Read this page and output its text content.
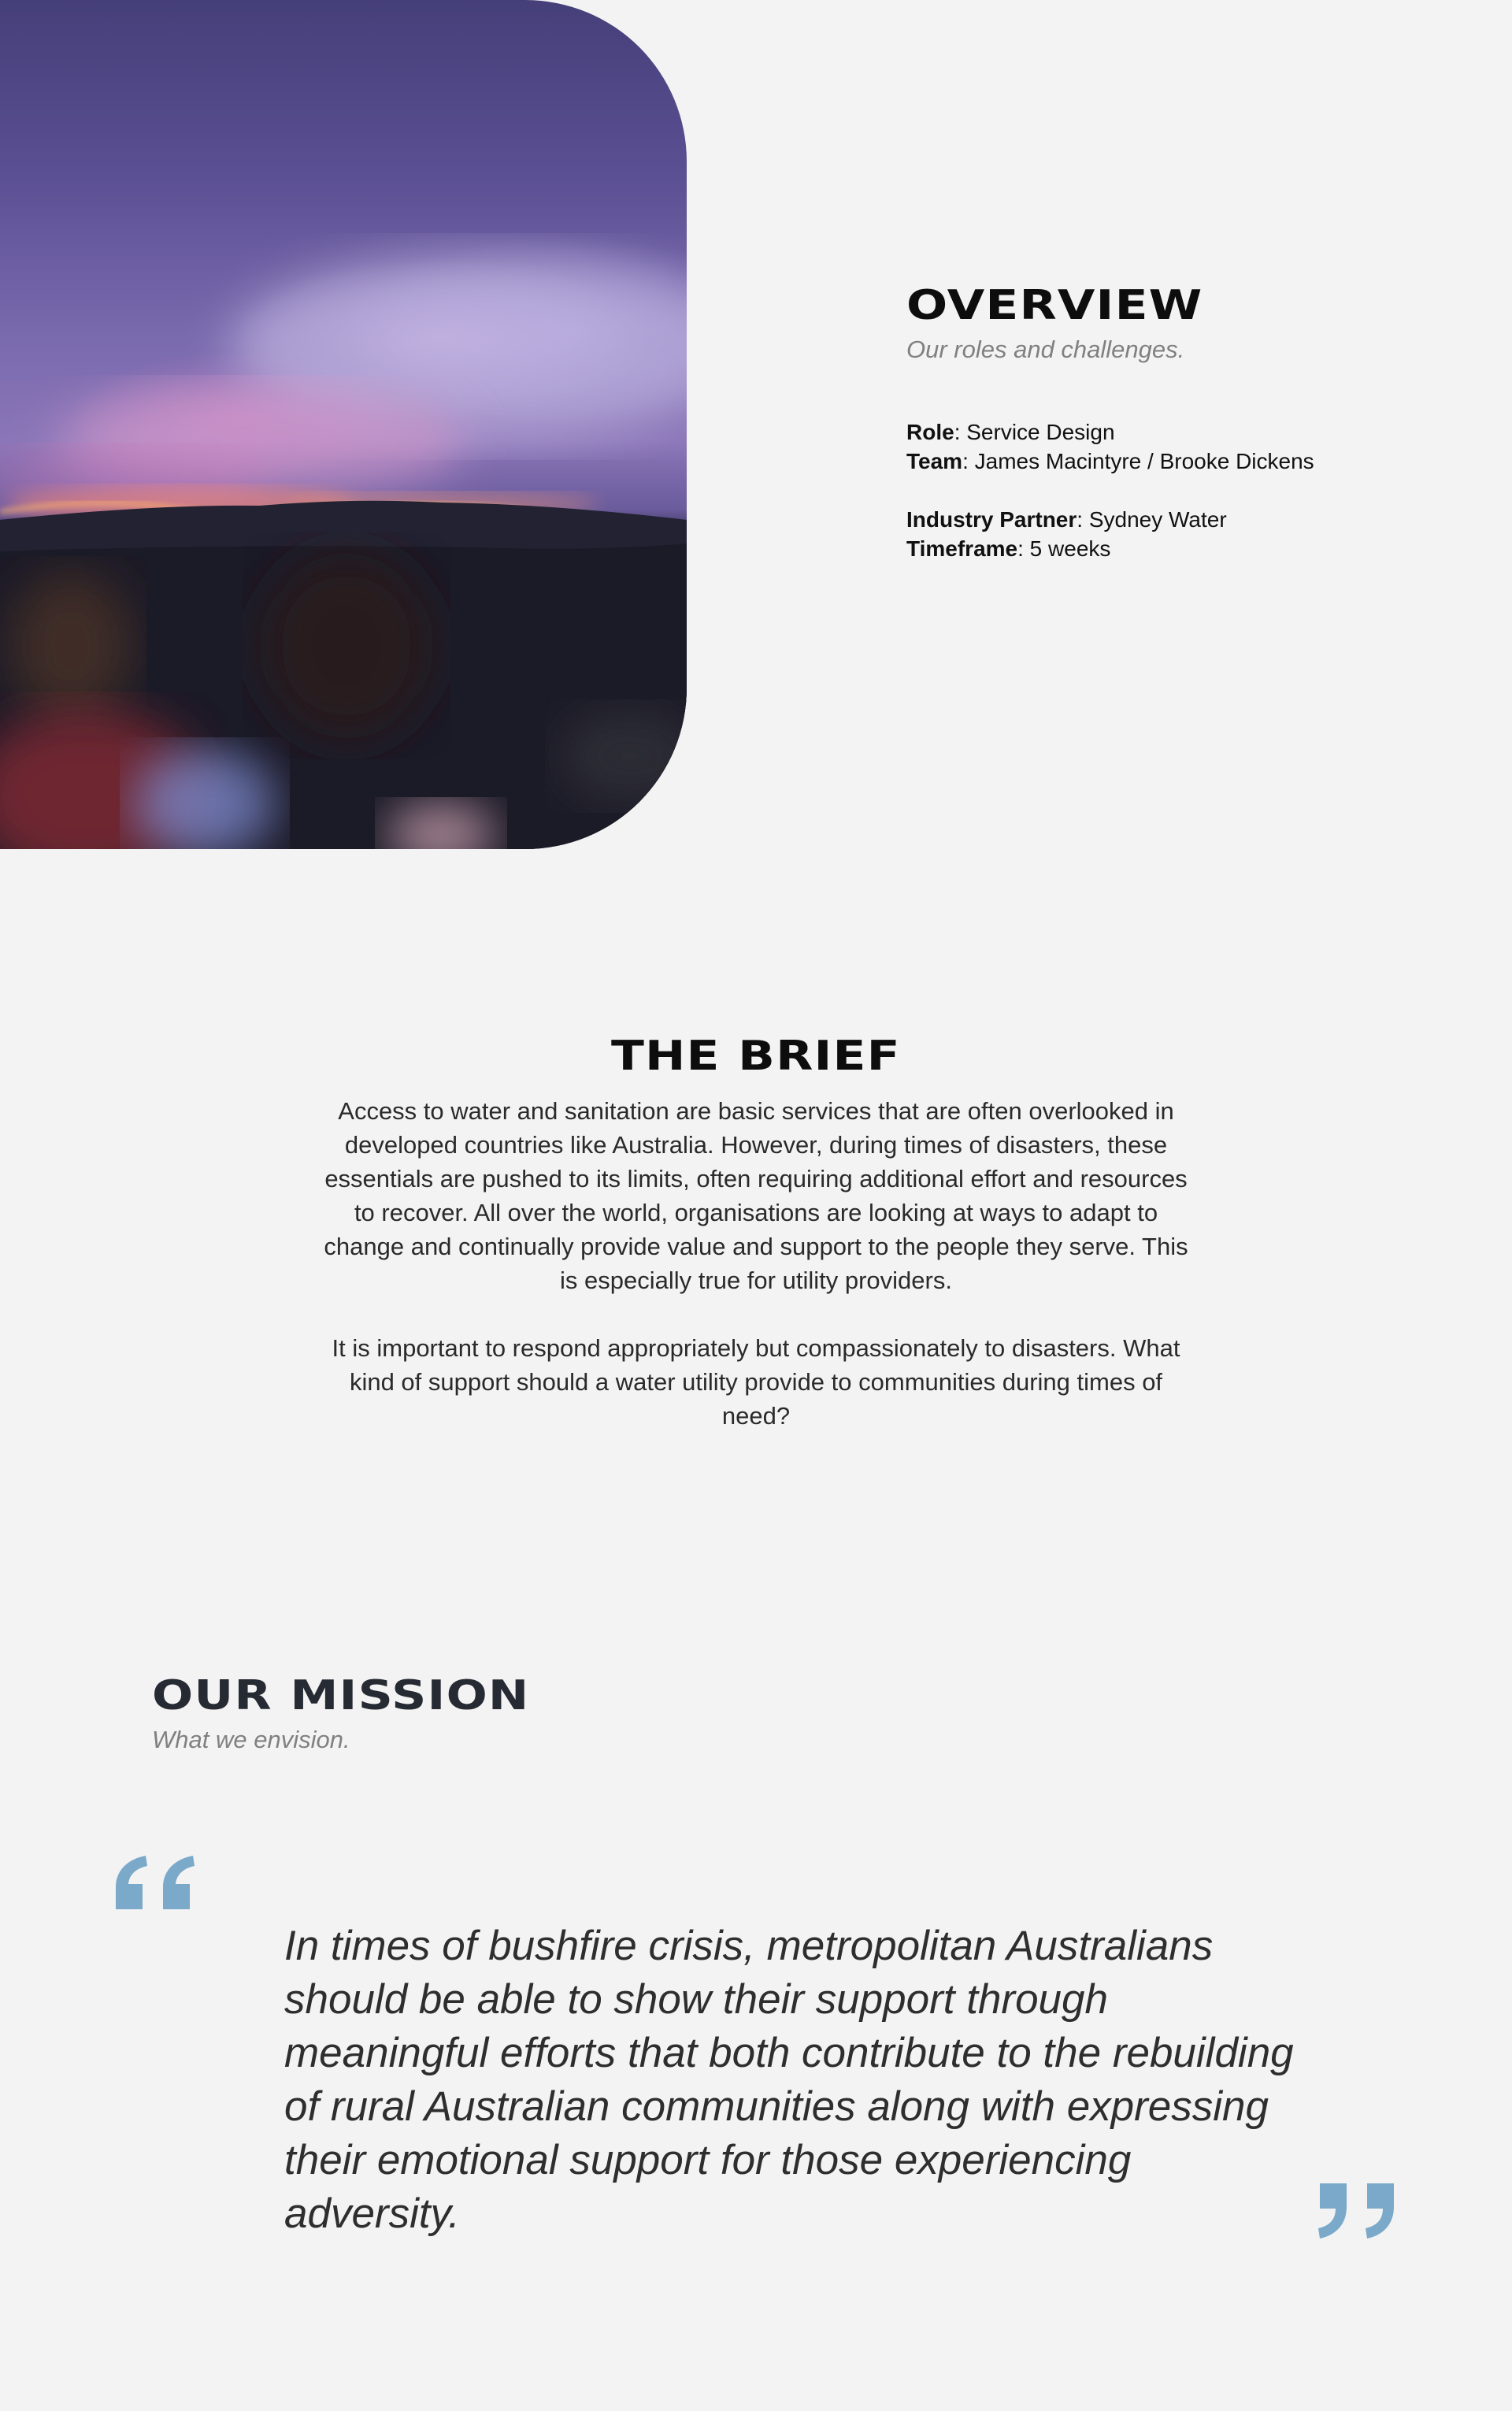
OVERVIEW

Our roles and challenges.

Role: Service Design
Team: James Macintyre / Brooke Dickens
Industry Partner: Sydney Water
Timeframe: 5 weeks
THE BRIEF

Access to water and sanitation are basic services that are often overlooked in developed countries like Australia. However, during times of disasters, these essentials are pushed to its limits, often requiring additional effort and resources to recover. All over the world, organisations are looking at ways to adapt to change and continually provide value and support to the people they serve. This is especially true for utility providers.

It is important to respond appropriately but compassionately to disasters. What kind of support should a water utility provide to communities during times of need?

OUR MISSION

What we envision.

In times of bushfire crisis, metropolitan Australians should be able to show their support through meaningful efforts that both contribute to the rebuilding of rural Australian communities along with expressing their emotional support for those experiencing adversity.
